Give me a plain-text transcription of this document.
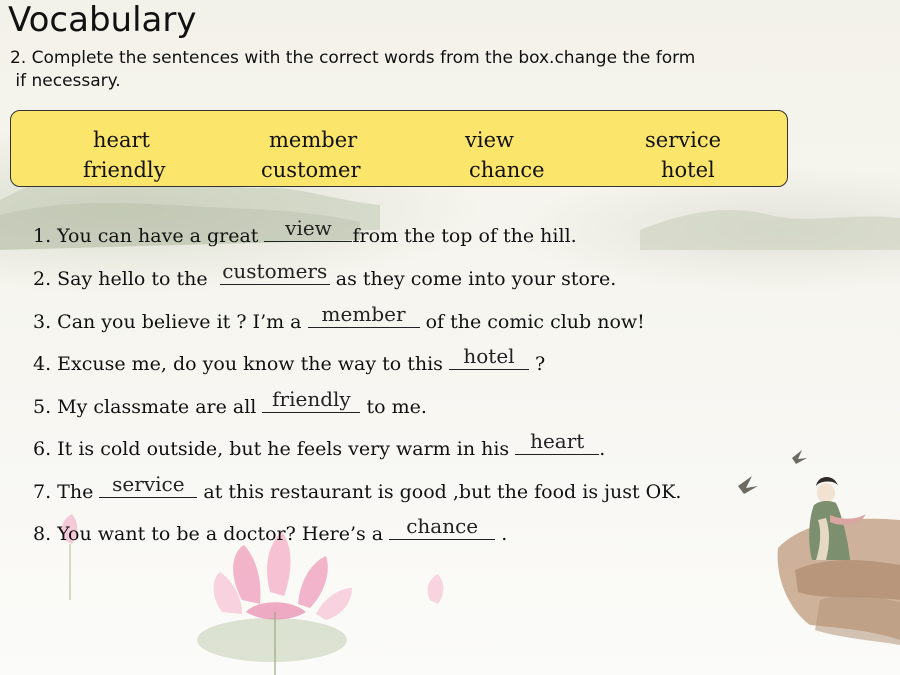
Vocabulary
2. Complete the sentences with the correct words from the box.change the form
if necessary.
heart	member	view	service
friendly	customer	chance	hotel
1. You can have a great	view	from the top of the hill.
2. Say hello to the customers as they come into your store.
3. Can you believe it ? I’m a member of the comic club now!
4. Excuse me, do you know the way to this hotel ?
5. My classmate are all friendly to me.
6. It is cold outside, but he feels very warm in his heart .
7. The service at this restaurant is good ,but the food is just OK.
8. You want to be a doctor? Here’s a chance .
